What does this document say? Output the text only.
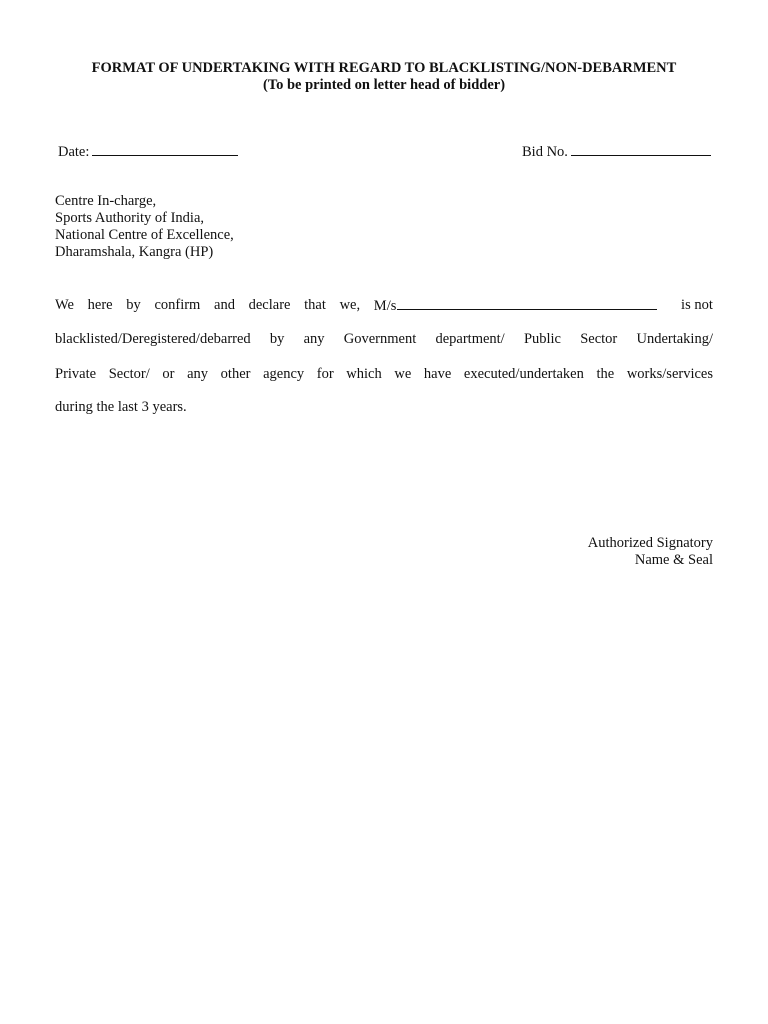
FORMAT OF UNDERTAKING WITH REGARD TO BLACKLISTING/NON-DEBARMENT
(To be printed on letter head of bidder)
Date:	Bid No.
Centre In-charge,
Sports Authority of India,
National Centre of Excellence,
Dharamshala, Kangra (HP)
We here by confirm and declare that we, M/s	is not
blacklisted/Deregistered/debarred by any Government department/ Public Sector Undertaking/
Private Sector/ or any other agency for which we have executed/undertaken the works/services
during the last 3 years.
Authorized Signatory
Name & Seal
